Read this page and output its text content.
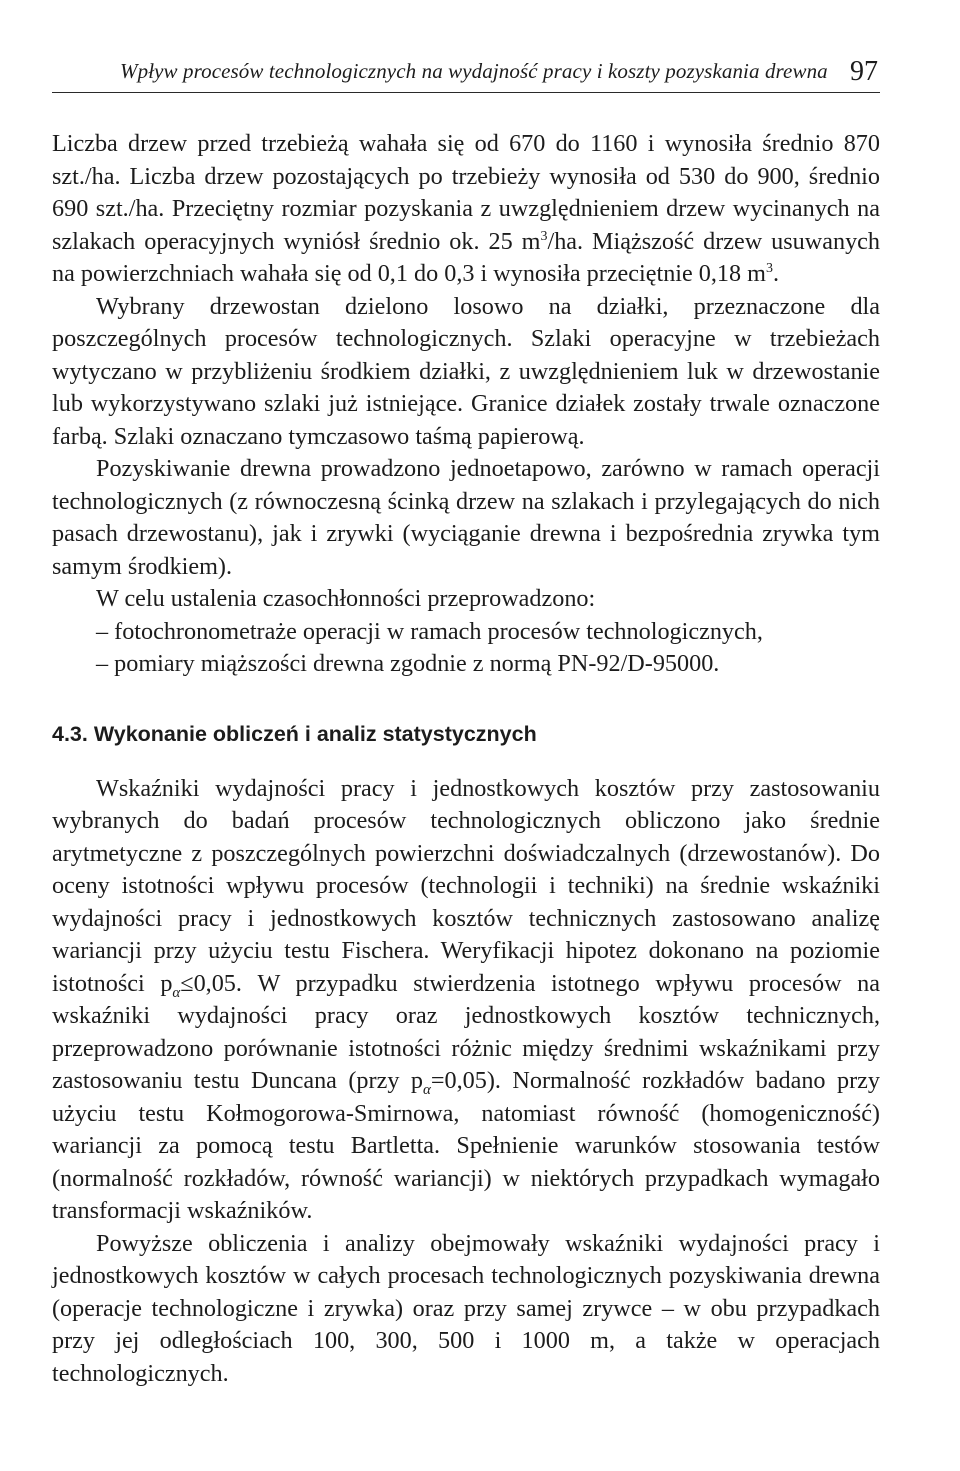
Wpływ procesów technologicznych na wydajność pracy i koszty pozyskania drewna 97

Liczba drzew przed trzebieżą wahała się od 670 do 1160 i wynosiła średnio 870 szt./ha. Liczba drzew pozostających po trzebieży wynosiła od 530 do 900, średnio 690 szt./ha. Przeciętny rozmiar pozyskania z uwzględnieniem drzew wycinanych na szlakach operacyjnych wyniósł średnio ok. 25 $m^3/ha$. Miąższość drzew usuwanych na powierzchniach wahała się od 0,1 do 0,3 i wynosiła przeciętnie 0,18 $m^3$.

Wybrany drzewostan dzielono losowo na działki, przeznaczone dla poszczególnych procesów technologicznych. Szlaki operacyjne w trzebieżach wytyczano w przybliżeniu środkiem działki, z uwzględnieniem luk w drzewostanie lub wykorzystywano szlaki już istniejące. Granice działek zostały trwale oznaczone farbą. Szlaki oznaczano tymczasowo taśmą papierową.

Pozyskiwanie drewna prowadzono jednoetapowo, zarówno w ramach operacji technologicznych (z równoczesną ścinką drzew na szlakach i przylegających do nich pasach drzewostanu), jak i zrywki (wyciąganie drewna i bezpośrednia zrywka tym samym środkiem).

W celu ustalenia czasochłonności przeprowadzono:

– fotochronometraże operacji w ramach procesów technologicznych,
– pomiary miąższości drewna zgodnie z normą PN-92/D-95000.
4.3. Wykonanie obliczeń i analiz statystycznych

Wskaźniki wydajności pracy i jednostkowych kosztów przy zastosowaniu wybranych do badań procesów technologicznych obliczono jako średnie arytmetyczne z poszczególnych powierzchni doświadczalnych (drzewostanów). Do oceny istotności wpływu procesów (technologii i techniki) na średnie wskaźniki wydajności pracy i jednostkowych kosztów technicznych zastosowano analizę wariancji przy użyciu testu Fischera. Weryfikacji hipotez dokonano na poziomie istotności $p_\alpha\le 0,05$. W przypadku stwierdzenia istotnego wpływu procesów na wskaźniki wydajności pracy oraz jednostkowych kosztów technicznych, przeprowadzono porównanie istotności różnic między średnimi wskaźnikami przy zastosowaniu testu Duncana (przy $p_\alpha=0,05$). Normalność rozkładów badano przy użyciu testu Kołmogorowa-Smirnowa, natomiast równość (homogeniczność) wariancji za pomocą testu Bartletta. Spełnienie warunków stosowania testów (normalność rozkładów, równość wariancji) w niektórych przypadkach wymagało transformacji wskaźników.

Powyższe obliczenia i analizy obejmowały wskaźniki wydajności pracy i jednostkowych kosztów w całych procesach technologicznych pozyskiwania drewna (operacje technologiczne i zrywka) oraz przy samej zrywce – w obu przypadkach przy jej odległościach 100, 300, 500 i 1000 m, a także w operacjach technologicznych.
